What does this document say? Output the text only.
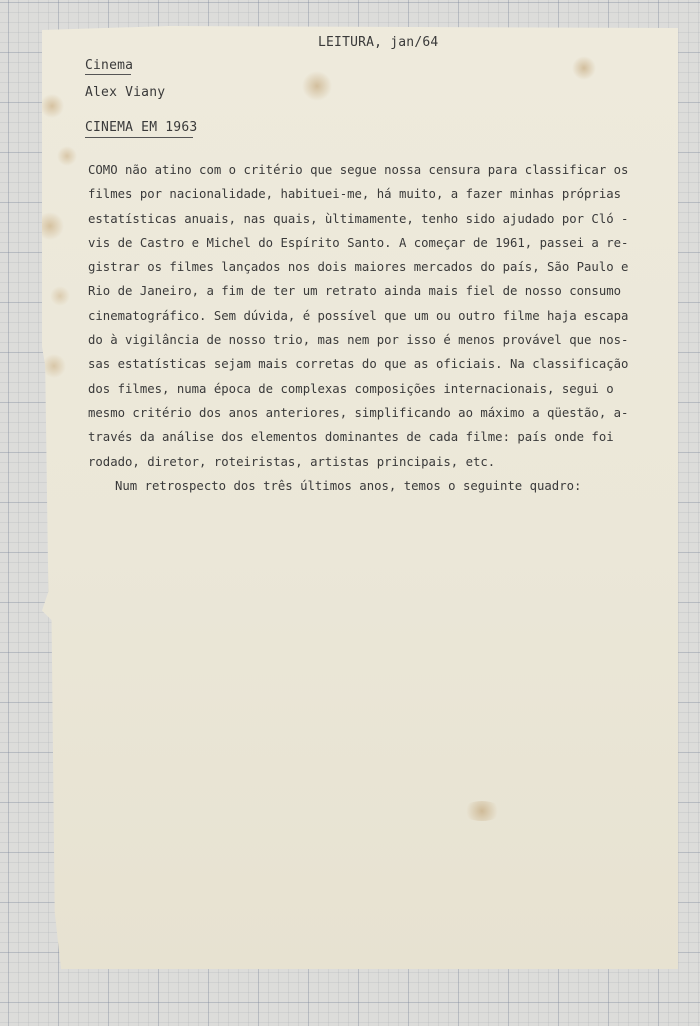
LEITURA, jan/64

Cinema

Alex Viany

CINEMA EM 1963

COMO não atino com o critério que segue nossa censura para classificar os
filmes por nacionalidade, habituei-me, há muito, a fazer minhas próprias
estatísticas anuais, nas quais, ùltimamente, tenho sido ajudado por Cló -
vis de Castro e Michel do Espírito Santo. A começar de 1961, passei a re-
gistrar os filmes lançados nos dois maiores mercados do país, São Paulo e
Rio de Janeiro, a fim de ter um retrato ainda mais fiel de nosso consumo
cinematográfico. Sem dúvida, é possível que um ou outro filme haja escapa
do à vigilância de nosso trio, mas nem por isso é menos provável que nos-
sas estatísticas sejam mais corretas do que as oficiais. Na classificação
dos filmes, numa época de complexas composições internacionais, segui o
mesmo critério dos anos anteriores, simplificando ao máximo a qüestão, a-
través da análise dos elementos dominantes de cada filme: país onde foi
rodado, diretor, roteiristas, artistas principais, etc.
Num retrospecto dos três últimos anos, temos o seguinte quadro:
